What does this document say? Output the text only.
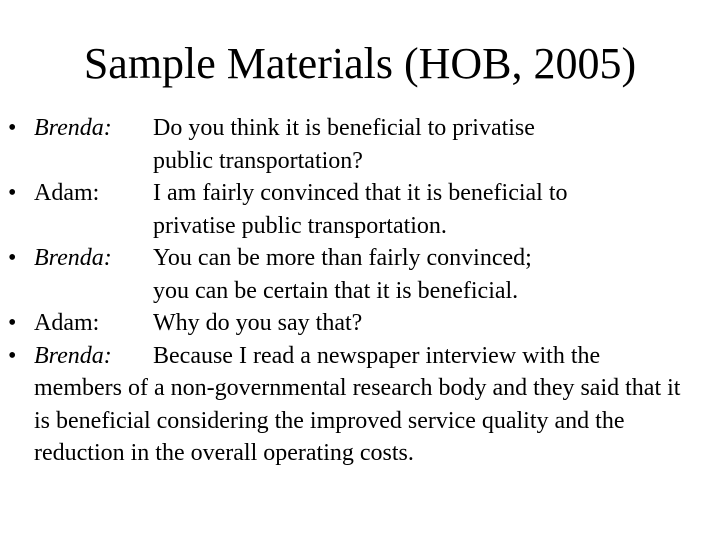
Sample Materials (HOB, 2005)
• Brenda: Do you think it is beneficial to privatise
public transportation?
• Adam: I am fairly convinced that it is beneficial to
privatise public transportation.
• Brenda: You can be more than fairly convinced;
you can be certain that it is beneficial.
• Adam: Why do you say that?
• Brenda: Because I read a newspaper interview with the members of a non-governmental research body and they said that it is beneficial considering the improved service quality and the reduction in the overall operating costs.
